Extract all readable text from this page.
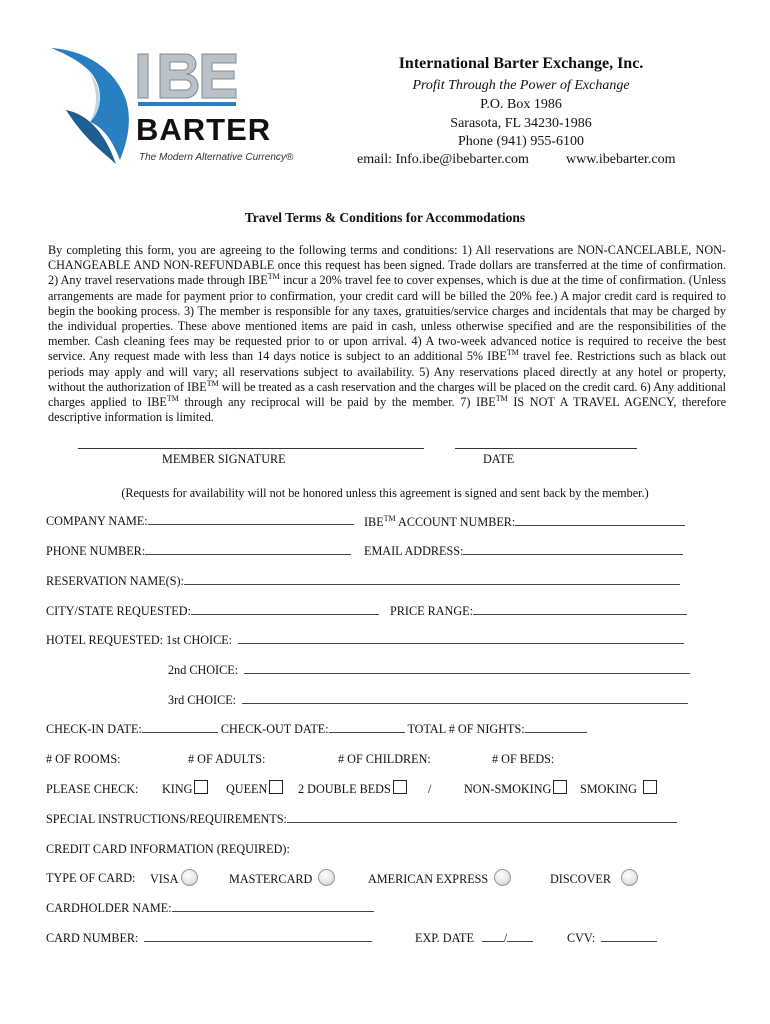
BARTER
The Modern Alternative Currency®
International Barter Exchange, Inc.
Profit Through the Power of Exchange
P.O. Box 1986
Sarasota, FL 34230-1986
Phone (941) 955-6100
email: Info.ibe@ibebarter.com	www.ibebarter.com
Travel Terms & Conditions for Accommodations
By completing this form, you are agreeing to the following terms and conditions: 1) All reservations are NON-CANCELABLE, NON-CHANGEABLE AND NON-REFUNDABLE once this request has been signed. Trade dollars are transferred at the time of confirmation. 2) Any travel reservations made through IBE™ incur a 20% travel fee to cover expenses, which is due at the time of confirmation. (Unless arrangements are made for payment prior to confirmation, your credit card will be billed the 20% fee.) A major credit card is required to begin the booking process. 3) The member is responsible for any taxes, gratuities/service charges and incidentals that may be charged by the individual properties. These above mentioned items are paid in cash, unless otherwise specified and are the responsibilities of the member. Cash cleaning fees may be requested prior to or upon arrival. 4) A two-week advanced notice is required to receive the best service. Any request made with less than 14 days notice is subject to an additional 5% IBE™ travel fee. Restrictions such as black out periods may apply and will vary; all reservations subject to availability. 5) Any reservations placed directly at any hotel or property, without the authorization of IBE™ will be treated as a cash reservation and the charges will be placed on the credit card. 6) Any additional charges applied to IBE™ through any reciprocal will be paid by the member. 7) IBE™ IS NOT A TRAVEL AGENCY, therefore descriptive information is limited.
MEMBER SIGNATURE	DATE
(Requests for availability will not be honored unless this agreement is signed and sent back by the member.)
COMPANY NAME:	IBE™ ACCOUNT NUMBER:
PHONE NUMBER:	EMAIL ADDRESS:
RESERVATION NAME(S):
CITY/STATE REQUESTED:	PRICE RANGE:
HOTEL REQUESTED: 1st CHOICE:
2nd CHOICE:
3rd CHOICE:
CHECK-IN DATE:	CHECK-OUT DATE:	TOTAL # OF NIGHTS:
# OF ROOMS:	# OF ADULTS:	# OF CHILDREN:	# OF BEDS:
PLEASE CHECK: KING	QUEEN	2 DOUBLE BEDS	/	NON-SMOKING	SMOKING
SPECIAL INSTRUCTIONS/REQUIREMENTS:
CREDIT CARD INFORMATION (REQUIRED):
TYPE OF CARD: VISA	MASTERCARD	AMERICAN EXPRESS	DISCOVER
CARDHOLDER NAME:
CARD NUMBER:	EXP. DATE /	CVV:
